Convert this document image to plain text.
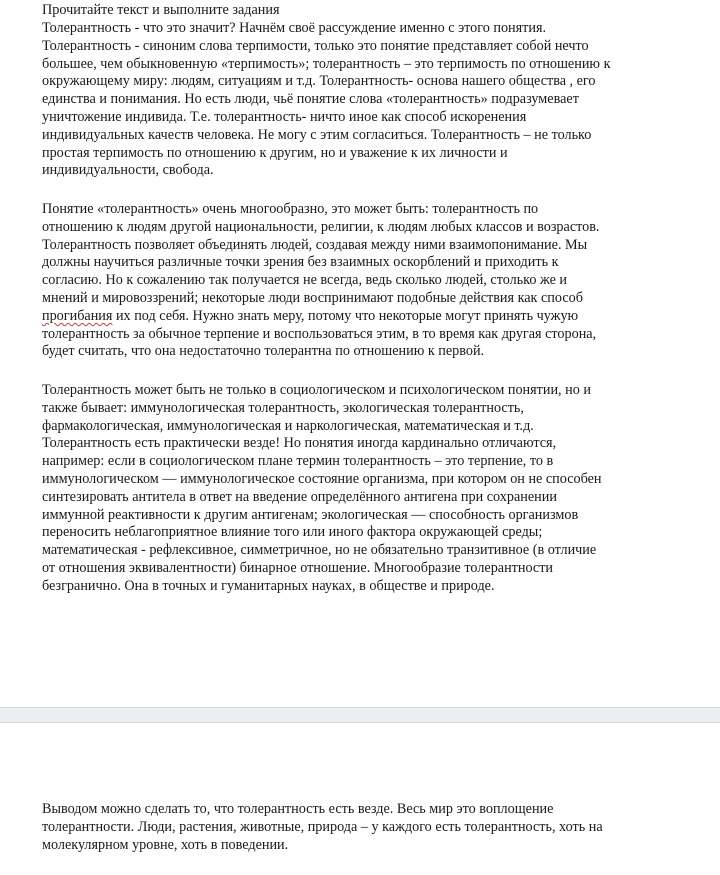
Прочитайте текст и выполните задания
Толерантность - что это значит? Начнём своё рассуждение именно с этого понятия.
Толерантность - синоним слова терпимости, только это понятие представляет собой нечто
большее, чем обыкновенную «терпимость»; толерантность – это терпимость по отношению к
окружающему миру: людям, ситуациям и т.д. Толерантность- основа нашего общества , его
единства и понимания. Но есть люди, чьё понятие слова «толерантность» подразумевает
уничтожение индивида. Т.е. толерантность- ничто иное как способ искоренения
индивидуальных качеств человека. Не могу с этим согласиться. Толерантность – не только
простая терпимость по отношению к другим, но и уважение к их личности и
индивидуальности, свобода.
Понятие «толерантность» очень многообразно, это может быть: толерантность по
отношению к людям другой национальности, религии, к людям любых классов и возрастов.
Толерантность позволяет объединять людей, создавая между ними взаимопонимание. Мы
должны научиться различные точки зрения без взаимных оскорблений и приходить к
согласию. Но к сожалению так получается не всегда, ведь сколько людей, столько же и
мнений и мировоззрений; некоторые люди воспринимают подобные действия как способ
прогибания их под себя. Нужно знать меру, потому что некоторые могут принять чужую
толерантность за обычное терпение и воспользоваться этим, в то время как другая сторона,
будет считать, что она недостаточно толерантна по отношению к первой.
Толерантность может быть не только в социологическом и психологическом понятии, но и
также бывает: иммунологическая толерантность, экологическая толерантность,
фармакологическая, иммунологическая и наркологическая, математическая и т.д.
Толерантность есть практически везде! Но понятия иногда кардинально отличаются,
например: если в социологическом плане термин толерантность – это терпение, то в
иммунологическом — иммунологическое состояние организма, при котором он не способен
синтезировать антитела в ответ на введение определённого антигена при сохранении
иммунной реактивности к другим антигенам; экологическая — способность организмов
переносить неблагоприятное влияние того или иного фактора окружающей среды;
математическая - рефлексивное, симметричное, но не обязательно транзитивное (в отличие
от отношения эквивалентности) бинарное отношение. Многообразие толерантности
безгранично. Она в точных и гуманитарных науках, в обществе и природе.
Выводом можно сделать то, что толерантность есть везде. Весь мир это воплощение
толерантности. Люди, растения, животные, природа – у каждого есть толерантность, хоть на
молекулярном уровне, хоть в поведении.
